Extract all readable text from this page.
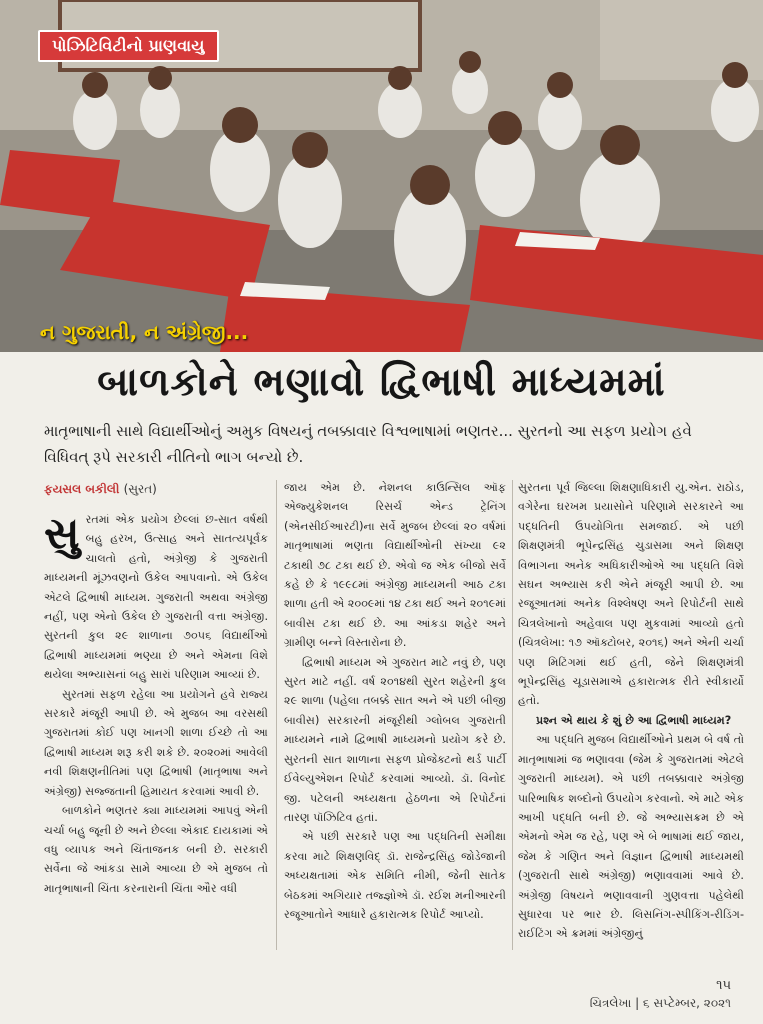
પોઝિટિવિટીનો પ્રાણવાયુ
ન ગુજરાતી, ન અંગ્રેજી...
બાળકોને ભણાવો દ્વિભાષી માધ્યમમાં
માતૃભાષાની સાથે વિદ્યાર્થીઓનું અમુક વિષયનું તબક્કાવાર વિશ્વભાષામાં ભણતર... સુરતનો આ સફળ પ્રયોગ હવે વિધિવત્ રૂપે સરકારી નીતિનો ભાગ બન્યો છે.
ફયસલ બકીલી (સુરત)

સુરતમાં એક પ્રયોગ છેલ્લાં છ-સાત વર્ષથી બહુ હરખ, ઉત્સાહ અને સાતત્યપૂર્વક ચાલતો હતો, અંગ્રેજી કે ગુજરાતી માધ્યમની મૂંઝવણનો ઉકેલ આપવાનો. એ ઉકેલ એટલે દ્વિભાષી માધ્યમ. ગુજરાતી અથવા અંગ્રેજી નહીં, પણ એનો ઉકેલ છે ગુજરાતી વત્તા અંગ્રેજી. સુરતની કુલ ૨૯ શાળાના ૭૦૫૬ વિદ્યાર્થીઓ દ્વિભાષી માધ્યમમાં ભણ્યા છે અને એમના વિશે થયેલા અભ્યાસનાં બહુ સારાં પરિણામ આવ્યાં છે.

સુરતમાં સફળ રહેલા આ પ્રયોગને હવે રાજ્ય સરકારે મંજૂરી આપી છે. એ મુજબ આ વરસથી ગુજરાતમાં કોઈ પણ ખાનગી શાળા ઈચ્છે તો આ દ્વિભાષી માધ્યમ શરૂ કરી શકે છે. ૨૦૨૦માં આવેલી નવી શિક્ષણનીતિમાં પણ દ્વિભાષી (માતૃભાષા અને અંગ્રેજી) સજ્જતાની હિમાયત કરવામાં આવી છે.

બાળકોને ભણતર ક્યા માધ્યમમાં આપવું એની ચર્ચા બહુ જૂની છે અને છેલ્લા એકાદ દાયકામાં એ વધુ વ્યાપક અને ચિંતાજનક બની છે. સરકારી સર્વેના જે આંકડા સામે આવ્યા છે એ મુજબ તો માતૃભાષાની ચિંતા કરનારાની ચિંતા ઔર વધી

જાય એમ છે. નેશનલ કાઉન્સિલ ઑફ એજ્યુકેશનલ રિસર્ચ એન્ડ ટ્રેનિંગ (એનસીઈઆરટી)ના સર્વે મુજબ છેલ્લાં ૨૦ વર્ષમાં માતૃભાષામાં ભણતા વિદ્યાર્થીઓની સંખ્યા ૯૨ ટકાથી ૭૮ ટકા થઈ છે. એવો જ એક બીજો સર્વે કહે છે કે ૧૯૯૮માં અંગ્રેજી માધ્યમની આઠ ટકા શાળા હતી એ ૨૦૦૯માં ૧૪ ટકા થઈ અને ૨૦૧૯માં બાવીસ ટકા થઈ છે. આ આંકડા શહેર અને ગ્રામીણ બન્ને વિસ્તારોના છે.

દ્વિભાષી માધ્યમ એ ગુજરાત માટે નવું છે, પણ સુરત માટે નહીં. વર્ષ ૨૦૧૪થી સુરત શહેરની કુલ ૨૯ શાળા (પહેલા તબક્કે સાત અને એ પછી બીજી બાવીસ) સરકારની મંજૂરીથી ગ્લોબલ ગુજરાતી માધ્યમને નામે દ્વિભાષી માધ્યમનો પ્રયોગ કરે છે. સુરતની સાત શાળાના સફળ પ્રોજેક્ટનો થર્ડ પાર્ટી ઈવેલ્યુએશન રિપોર્ટ કરવામાં આવ્યો. ડૉ. વિનોદ જી. પટેલની અધ્યક્ષતા હેઠળના એ રિપોર્ટનાં તારણ પૉઝિટિવ હતાં.

એ પછી સરકારે પણ આ પદ્ધતિની સમીક્ષા કરવા માટે શિક્ષણવિદ્ ડૉ. રાજેન્દ્રસિંહ જોડેજાની અધ્યક્ષતામાં એક સમિતિ નીમી, જેની સાતેક બેઠકમાં અગિયાર તજ્જ્ઞોએ ડૉ. રઈશ મનીઆરની રજૂઆતોને આધારે હકારાત્મક રિપોર્ટ આપ્યો.

સુરતના પૂર્વ જિલ્લા શિક્ષણાધિકારી યુ.એન. રાઠોડ, વગેરેના ઘરખમ પ્રયાસોને પરિણામે સરકારને આ પદ્ધતિની ઉપયોગિતા સમજાઈ. એ પછી શિક્ષણમંત્રી ભૂપેન્દ્રસિંહ ચુડાસમા અને શિક્ષણ વિભાગના અનેક અધિકારીઓએ આ પદ્ધતિ વિશે સઘન અભ્યાસ કરી એને મંજૂરી આપી છે. આ રજૂઆતમાં અનેક વિશ્લેષણ અને રિપોર્ટની સાથે ચિત્રલેખાનો અહેવાલ પણ મુકવામાં આવ્યો હતો (ચિત્રલેખા: ૧૭ ઑક્ટોબર, ૨૦૧૬) અને એની ચર્ચા પણ મિટિંગમાં થઈ હતી, જેને શિક્ષણમંત્રી ભૂપેન્દ્રસિંહ ચૂડાસમાએ હકારાત્મક રીતે સ્વીકાર્યો હતો.

પ્રશ્ન એ થાય કે શું છે આ દ્વિભાષી માધ્યમ?

આ પદ્ધતિ મુજબ વિદ્યાર્થીઓને પ્રથમ બે વર્ષ તો માતૃભાષામાં જ ભણાવવા (જેમ કે ગુજરાતમાં એટલે ગુજરાતી માધ્યમ). એ પછી તબક્કાવાર અંગ્રેજી પારિભાષિક શબ્દોનો ઉપયોગ કરવાનો. એ માટે એક આખી પદ્ધતિ બની છે. જે અભ્યાસક્રમ છે એ એમનો એમ જ રહે, પણ એ બે ભાષામાં થઈ જાય, જેમ કે ગણિત અને વિજ્ઞાન દ્વિભાષી માધ્યમથી (ગુજરાતી સાથે અંગ્રેજી) ભણાવવામાં આવે છે. અંગ્રેજી વિષયને ભણાવવાની ગુણવત્તા પહેલેથી સુધારવા પર ભાર છે. લિસનિંગ-સ્પીકિંગ-રીડિંગ-રાઈટિંગ એ ક્રમમાં અંગ્રેજીનું

૧૫
ચિત્રલેખા | ૬ સપ્ટેમ્બર, ૨૦૨૧
